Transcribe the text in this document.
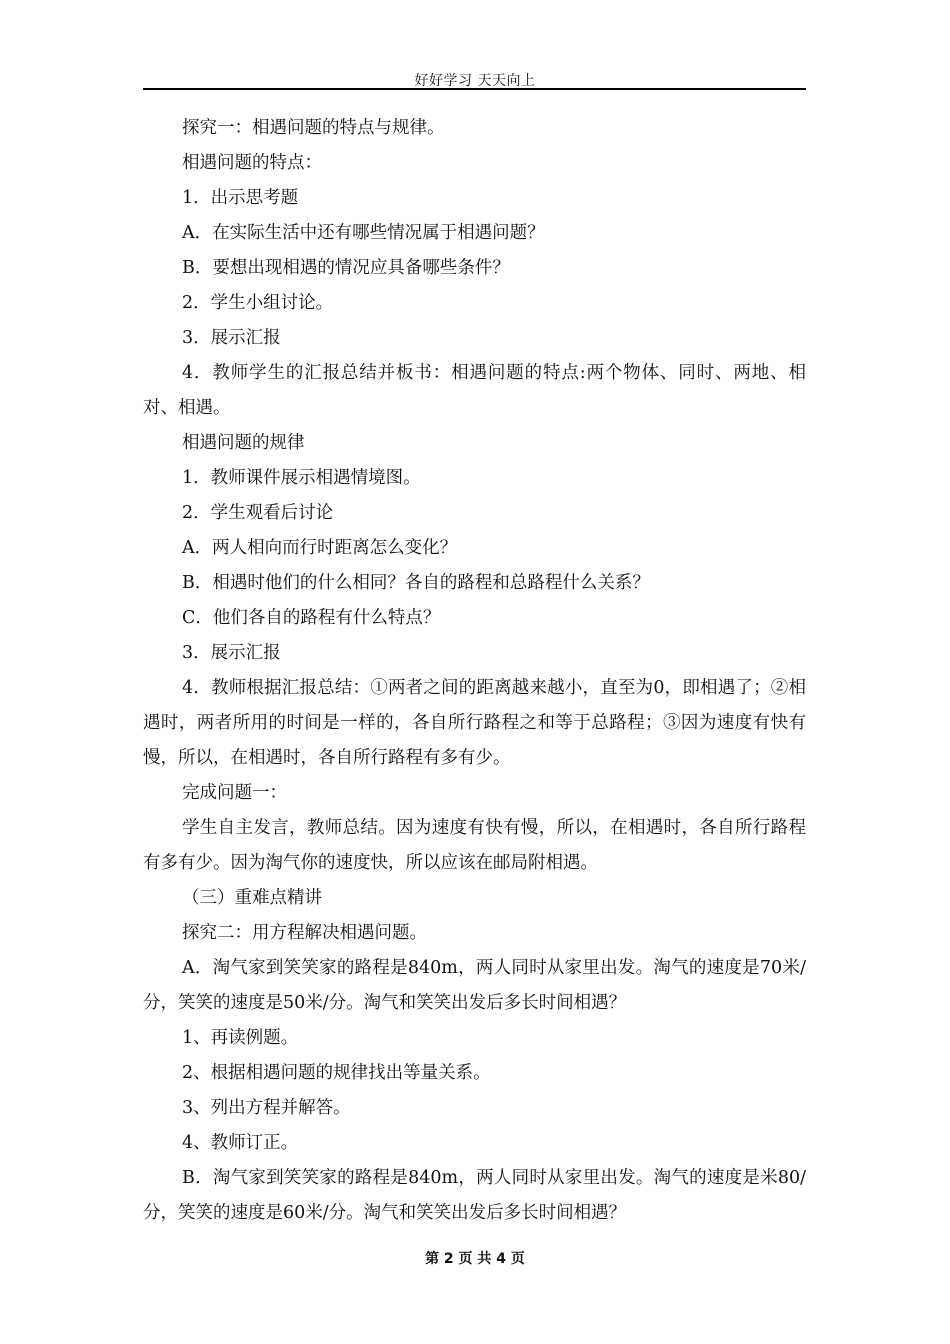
好好学习 天天向上

探究一：相遇问题的特点与规律。

相遇问题的特点：

1．出示思考题

A．在实际生活中还有哪些情况属于相遇问题？

B．要想出现相遇的情况应具备哪些条件？

2．学生小组讨论。

3．展示汇报

4．教师学生的汇报总结并板书：相遇问题的特点:两个物体、同时、两地、相对、相遇。

相遇问题的规律

1．教师课件展示相遇情境图。

2．学生观看后讨论

A．两人相向而行时距离怎么变化？

B．相遇时他们的什么相同？各自的路程和总路程什么关系？

C．他们各自的路程有什么特点？

3．展示汇报

4．教师根据汇报总结：①两者之间的距离越来越小，直至为0，即相遇了；②相遇时，两者所用的时间是一样的，各自所行路程之和等于总路程；③因为速度有快有慢，所以，在相遇时，各自所行路程有多有少。

完成问题一：

学生自主发言，教师总结。因为速度有快有慢，所以，在相遇时，各自所行路程有多有少。因为淘气你的速度快，所以应该在邮局附相遇。

（三）重难点精讲

探究二：用方程解决相遇问题。

A．淘气家到笑笑家的路程是840m，两人同时从家里出发。淘气的速度是70米/分，笑笑的速度是50米/分。淘气和笑笑出发后多长时间相遇？

1、再读例题。

2、根据相遇问题的规律找出等量关系。

3、列出方程并解答。

4、教师订正。

B．淘气家到笑笑家的路程是840m，两人同时从家里出发。淘气的速度是米80/分，笑笑的速度是60米/分。淘气和笑笑出发后多长时间相遇？

第 2 页 共 4 页
